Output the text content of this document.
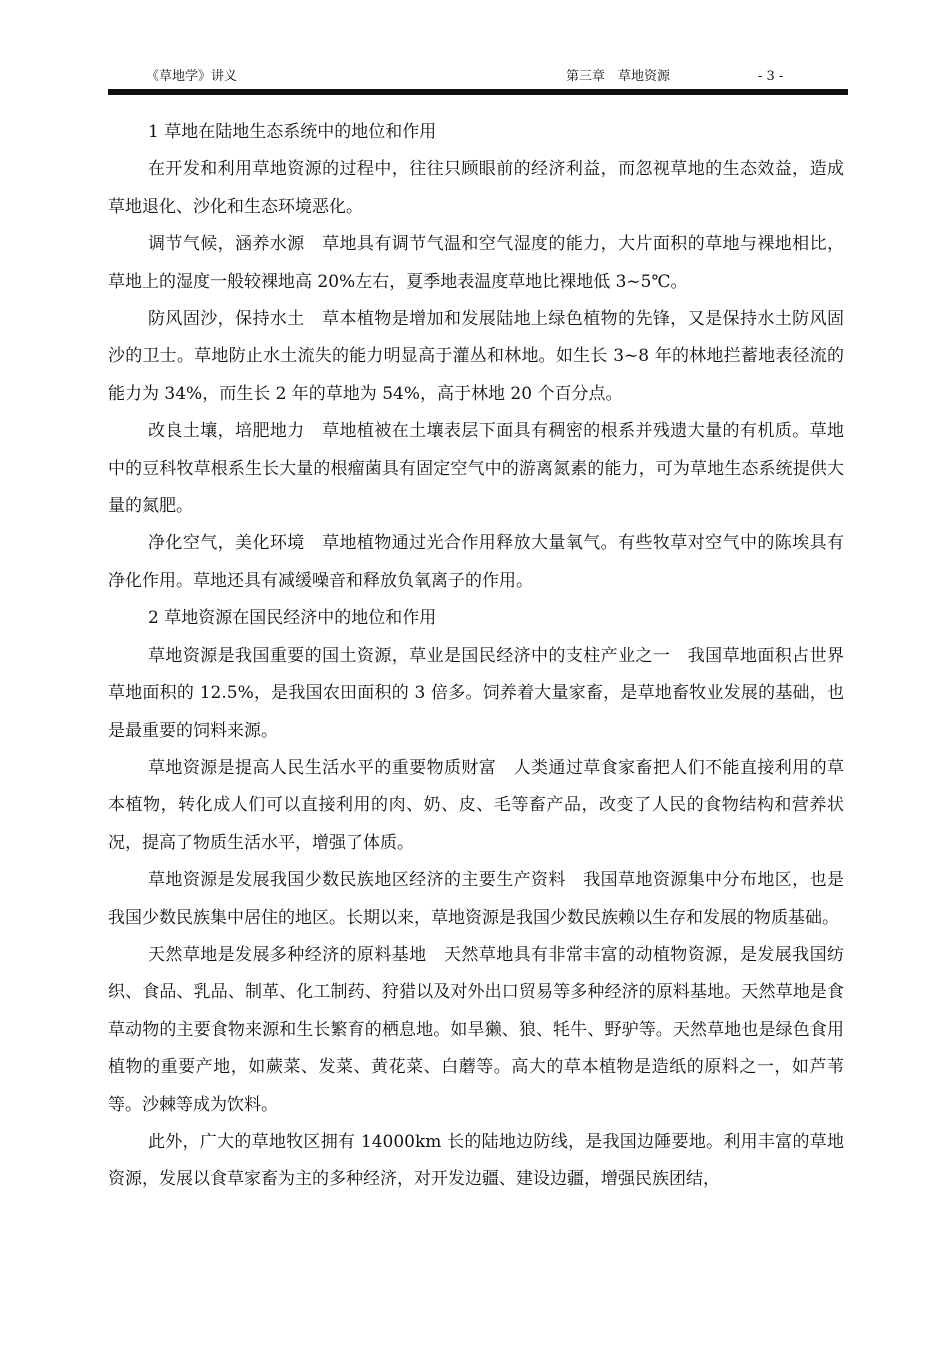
《草地学》讲义	第三章　草地资源	- 3 -

1 草地在陆地生态系统中的地位和作用

在开发和利用草地资源的过程中，往往只顾眼前的经济利益，而忽视草地的生态效益，造成草地退化、沙化和生态环境恶化。

调节气候，涵养水源　草地具有调节气温和空气湿度的能力，大片面积的草地与裸地相比，草地上的湿度一般较裸地高 20%左右，夏季地表温度草地比裸地低 3~5℃。

防风固沙，保持水土　草本植物是增加和发展陆地上绿色植物的先锋，又是保持水土防风固沙的卫士。草地防止水土流失的能力明显高于灌丛和林地。如生长 3~8 年的林地拦蓄地表径流的能力为 34%，而生长 2 年的草地为 54%，高于林地 20 个百分点。

改良土壤，培肥地力　草地植被在土壤表层下面具有稠密的根系并残遗大量的有机质。草地中的豆科牧草根系生长大量的根瘤菌具有固定空气中的游离氮素的能力，可为草地生态系统提供大量的氮肥。

净化空气，美化环境　草地植物通过光合作用释放大量氧气。有些牧草对空气中的陈埃具有净化作用。草地还具有减缓噪音和释放负氧离子的作用。

2 草地资源在国民经济中的地位和作用

草地资源是我国重要的国土资源，草业是国民经济中的支柱产业之一　我国草地面积占世界草地面积的 12.5%，是我国农田面积的 3 倍多。饲养着大量家畜，是草地畜牧业发展的基础，也是最重要的饲料来源。

草地资源是提高人民生活水平的重要物质财富　人类通过草食家畜把人们不能直接利用的草本植物，转化成人们可以直接利用的肉、奶、皮、毛等畜产品，改变了人民的食物结构和营养状况，提高了物质生活水平，增强了体质。

草地资源是发展我国少数民族地区经济的主要生产资料　我国草地资源集中分布地区，也是我国少数民族集中居住的地区。长期以来，草地资源是我国少数民族赖以生存和发展的物质基础。

天然草地是发展多种经济的原料基地　天然草地具有非常丰富的动植物资源，是发展我国纺织、食品、乳品、制革、化工制药、狩猎以及对外出口贸易等多种经济的原料基地。天然草地是食草动物的主要食物来源和生长繁育的栖息地。如旱獭、狼、牦牛、野驴等。天然草地也是绿色食用植物的重要产地，如蕨菜、发菜、黄花菜、白蘑等。高大的草本植物是造纸的原料之一，如芦苇等。沙棘等成为饮料。

此外，广大的草地牧区拥有 14000km 长的陆地边防线，是我国边陲要地。利用丰富的草地资源，发展以食草家畜为主的多种经济，对开发边疆、建设边疆，增强民族团结，
